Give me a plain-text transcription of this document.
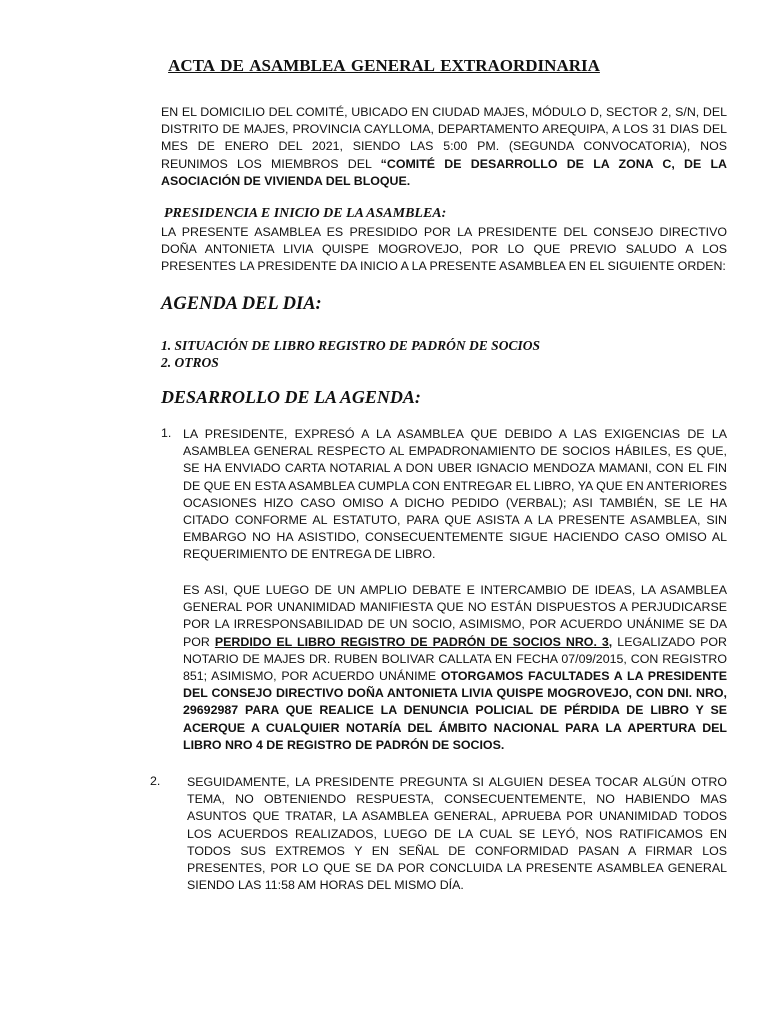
ACTA DE ASAMBLEA GENERAL EXTRAORDINARIA

EN EL DOMICILIO DEL COMITÉ, UBICADO EN CIUDAD MAJES, MÓDULO D, SECTOR 2, S/N, DEL DISTRITO DE MAJES, PROVINCIA CAYLLOMA, DEPARTAMENTO AREQUIPA, A LOS 31 DIAS DEL MES DE ENERO DEL 2021, SIENDO LAS 5:00 PM. (SEGUNDA CONVOCATORIA), NOS REUNIMOS LOS MIEMBROS DEL “COMITÉ DE DESARROLLO DE LA ZONA C, DE LA ASOCIACIÓN DE VIVIENDA DEL BLOQUE.

PRESIDENCIA E INICIO DE LA ASAMBLEA:

LA PRESENTE ASAMBLEA ES PRESIDIDO POR LA PRESIDENTE DEL CONSEJO DIRECTIVO DOÑA ANTONIETA LIVIA QUISPE MOGROVEJO, POR LO QUE PREVIO SALUDO A LOS PRESENTES LA PRESIDENTE DA INICIO A LA PRESENTE ASAMBLEA EN EL SIGUIENTE ORDEN:

AGENDA DEL DIA:
1. SITUACIÓN DE LIBRO REGISTRO DE PADRÓN DE SOCIOS
2. OTROS
DESARROLLO DE LA AGENDA:
1. LA PRESIDENTE, EXPRESÓ A LA ASAMBLEA QUE DEBIDO A LAS EXIGENCIAS DE LA ASAMBLEA GENERAL RESPECTO AL EMPADRONAMIENTO DE SOCIOS HÁBILES, ES QUE, SE HA ENVIADO CARTA NOTARIAL A DON UBER IGNACIO MENDOZA MAMANI, CON EL FIN DE QUE EN ESTA ASAMBLEA CUMPLA CON ENTREGAR EL LIBRO, YA QUE EN ANTERIORES OCASIONES HIZO CASO OMISO A DICHO PEDIDO (VERBAL); ASI TAMBIÉN, SE LE HA CITADO CONFORME AL ESTATUTO, PARA QUE ASISTA A LA PRESENTE ASAMBLEA, SIN EMBARGO NO HA ASISTIDO, CONSECUENTEMENTE SIGUE HACIENDO CASO OMISO AL REQUERIMIENTO DE ENTREGA DE LIBRO.

ES ASI, QUE LUEGO DE UN AMPLIO DEBATE E INTERCAMBIO DE IDEAS, LA ASAMBLEA GENERAL POR UNANIMIDAD MANIFIESTA QUE NO ESTÁN DISPUESTOS A PERJUDICARSE POR LA IRRESPONSABILIDAD DE UN SOCIO, ASIMISMO, POR ACUERDO UNÁNIME SE DA POR PERDIDO EL LIBRO REGISTRO DE PADRÓN DE SOCIOS NRO. 3, LEGALIZADO POR NOTARIO DE MAJES DR. RUBEN BOLIVAR CALLATA EN FECHA 07/09/2015, CON REGISTRO 851; ASIMISMO, POR ACUERDO UNÁNIME OTORGAMOS FACULTADES A LA PRESIDENTE DEL CONSEJO DIRECTIVO DOÑA ANTONIETA LIVIA QUISPE MOGROVEJO, CON DNI. NRO, 29692987 PARA QUE REALICE LA DENUNCIA POLICIAL DE PÉRDIDA DE LIBRO Y SE ACERQUE A CUALQUIER NOTARÍA DEL ÁMBITO NACIONAL PARA LA APERTURA DEL LIBRO NRO 4 DE REGISTRO DE PADRÓN DE SOCIOS.

2. SEGUIDAMENTE, LA PRESIDENTE PREGUNTA SI ALGUIEN DESEA TOCAR ALGÚN OTRO TEMA, NO OBTENIENDO RESPUESTA, CONSECUENTEMENTE, NO HABIENDO MAS ASUNTOS QUE TRATAR, LA ASAMBLEA GENERAL, APRUEBA POR UNANIMIDAD TODOS LOS ACUERDOS REALIZADOS, LUEGO DE LA CUAL SE LEYÓ, NOS RATIFICAMOS EN TODOS SUS EXTREMOS Y EN SEÑAL DE CONFORMIDAD PASAN A FIRMAR LOS PRESENTES, POR LO QUE SE DA POR CONCLUIDA LA PRESENTE ASAMBLEA GENERAL SIENDO LAS 11:58 AM HORAS DEL MISMO DÍA.
